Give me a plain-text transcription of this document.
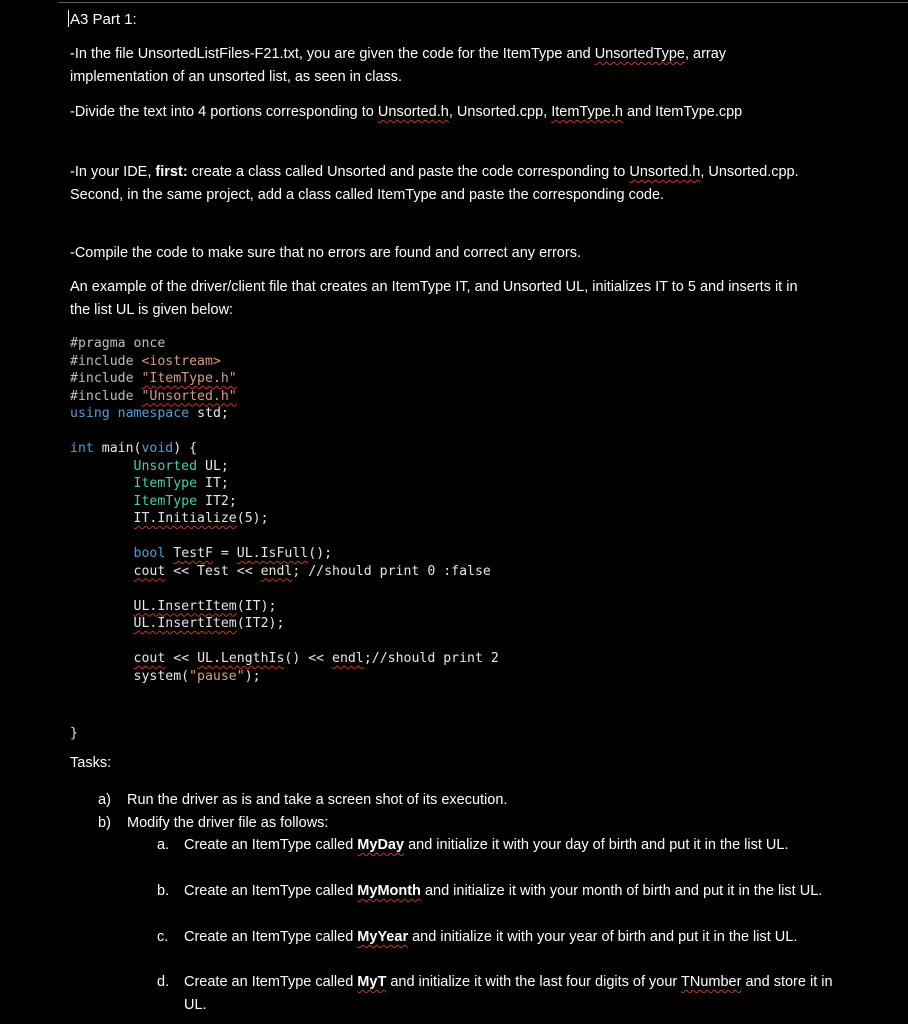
A3 Part 1:
-In the file UnsortedListFiles-F21.txt, you are given the code for the ItemType and UnsortedType, array implementation of an unsorted list, as seen in class.
-Divide the text into 4 portions corresponding to Unsorted.h, Unsorted.cpp, ItemType.h and ItemType.cpp
-In your IDE, first: create a class called Unsorted and paste the code corresponding to Unsorted.h, Unsorted.cpp. Second, in the same project, add a class called ItemType and paste the corresponding code.
-Compile the code to make sure that no errors are found and correct any errors.
An example of the driver/client file that creates an ItemType IT, and Unsorted UL, initializes IT to 5 and inserts it in the list UL is given below:
#pragma once
#include <iostream>
#include "ItemType.h"
#include "Unsorted.h"
using namespace std;

int main(void) {
Unsorted UL;
ItemType IT;
ItemType IT2;
IT.Initialize(5);

bool TestF = UL.IsFull();
cout << Test << endl; //should print 0 :false

UL.InsertItem(IT);
UL.InsertItem(IT2);

cout << UL.LengthIs() << endl;//should print 2
system("pause");

}
Tasks:
a) Run the driver as is and take a screen shot of its execution.
b) Modify the driver file as follows:
a. Create an ItemType called MyDay and initialize it with your day of birth and put it in the list UL.
b. Create an ItemType called MyMonth and initialize it with your month of birth and put it in the list UL.
c. Create an ItemType called MyYear and initialize it with your year of birth and put it in the list UL.
d. Create an ItemType called MyT and initialize it with the last four digits of your TNumber and store it in UL.
